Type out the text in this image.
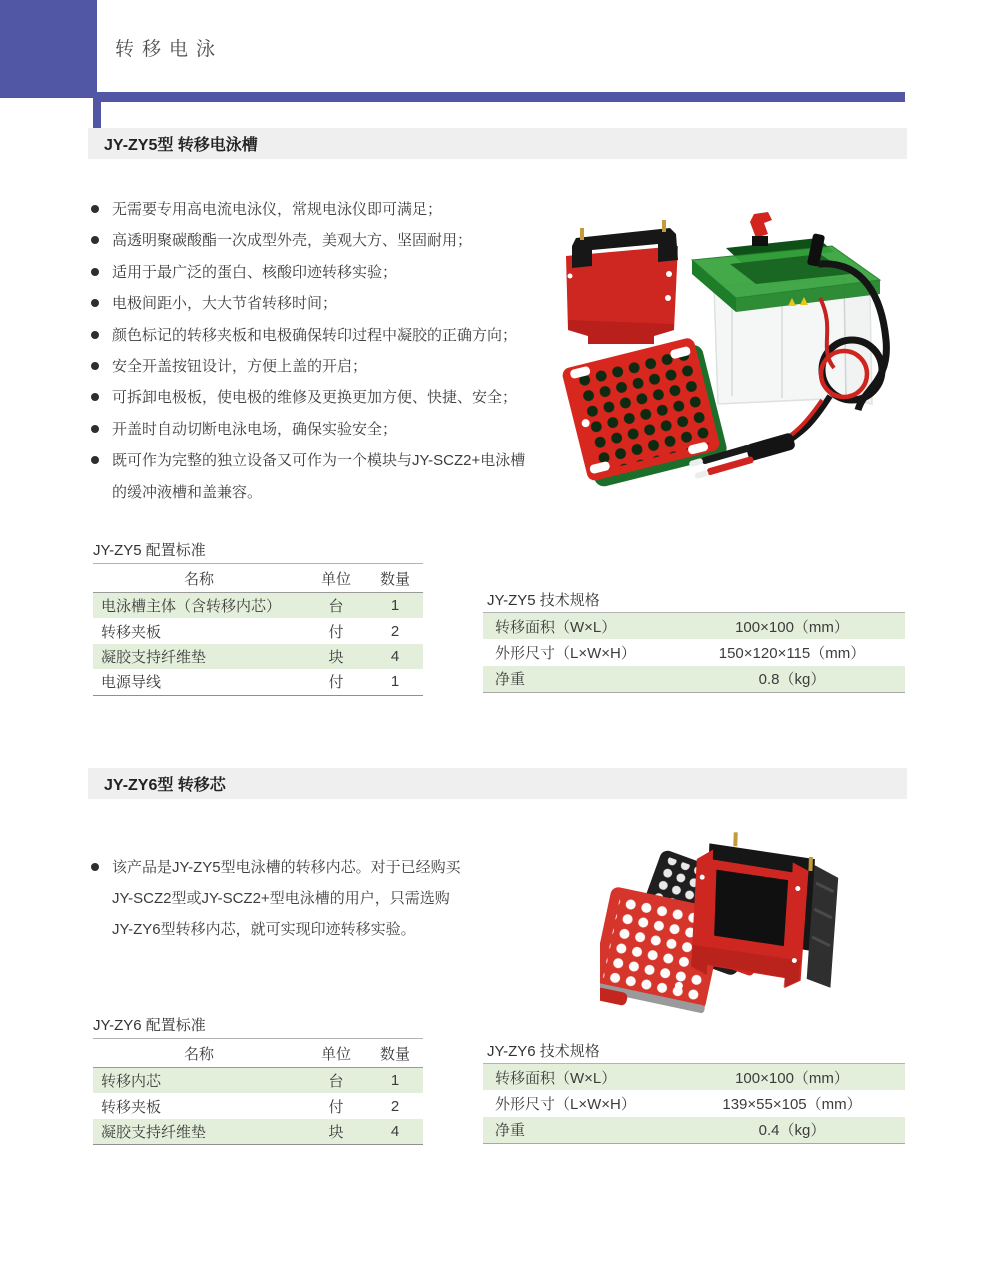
转移电泳
JY-ZY5型 转移电泳槽
无需要专用高电流电泳仪，常规电泳仪即可满足；
高透明聚碳酸酯一次成型外壳，美观大方、坚固耐用；
适用于最广泛的蛋白、核酸印迹转移实验；
电极间距小，大大节省转移时间；
颜色标记的转移夹板和电极确保转印过程中凝胶的正确方向；
安全开盖按钮设计，方便上盖的开启；
可拆卸电极板，使电极的维修及更换更加方便、快捷、安全；
开盖时自动切断电泳电场，确保实验安全；
既可作为完整的独立设备又可作为一个模块与JY-SCZ2+电泳槽的缓冲液槽和盖兼容。
JY-ZY5 配置标准
名称	单位	数量
电泳槽主体（含转移内芯）	台	1
转移夹板	付	2
凝胶支持纤维垫	块	4
电源导线	付	1
JY-ZY5 技术规格
转移面积（W×L）	100×100（mm）
外形尺寸（L×W×H）	150×120×115（mm）
净重	0.8（kg）
JY-ZY6型 转移芯
该产品是JY-ZY5型电泳槽的转移内芯。对于已经购买JY-SCZ2型或JY-SCZ2+型电泳槽的用户，只需选购JY-ZY6型转移内芯，就可实现印迹转移实验。
JY-ZY6 配置标准
名称	单位	数量
转移内芯	台	1
转移夹板	付	2
凝胶支持纤维垫	块	4
JY-ZY6 技术规格
转移面积（W×L）	100×100（mm）
外形尺寸（L×W×H）	139×55×105（mm）
净重	0.4（kg）
